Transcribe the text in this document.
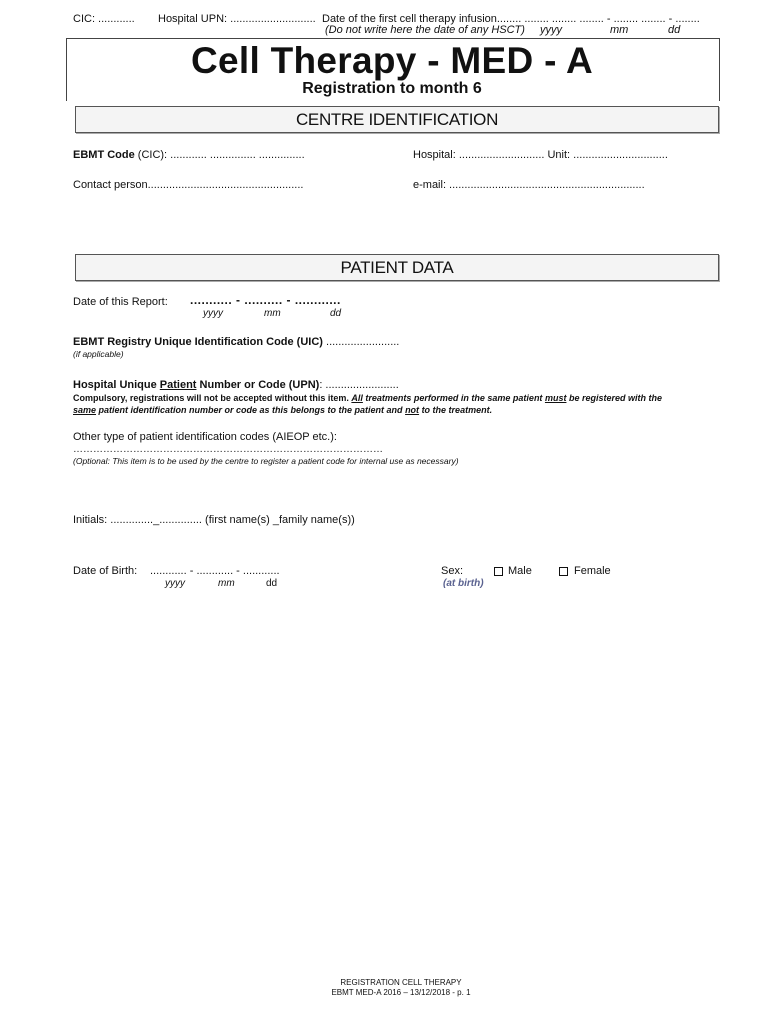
CIC: ............ Hospital UPN: ............................ Date of the first cell therapy infusion........ ........ ........ ........ - ........ ........ - ........
(Do not write here the date of any HSCT) yyyy	mm	dd
Cell Therapy - MED - A
Registration to month 6
CENTRE IDENTIFICATION
EBMT Code (CIC): ............ ............... ...............	Hospital: ............................ Unit: ...............................
Contact person...................................................	e-mail: ................................................................
PATIENT DATA
Date of this Report: ........... - .......... - ............
yyyy	mm	dd
EBMT Registry Unique Identification Code (UIC) ........................
(if applicable)
Hospital Unique Patient Number or Code (UPN): ........................
Compulsory, registrations will not be accepted without this item. All treatments performed in the same patient must be registered with the
same patient identification number or code as this belongs to the patient and not to the treatment.
Other type of patient identification codes (AIEOP etc.):
…………………………………………………………………………………
(Optional: This item is to be used by the centre to register a patient code for internal use as necessary)
Initials: .............._.............. (first name(s) _family name(s))
Date of Birth: ............ - ............ - ............
yyyy	mm	dd
Sex:	Male	Female
(at birth)
REGISTRATION CELL THERAPY
EBMT MED-A 2016 – 13/12/2018 - p. 1
